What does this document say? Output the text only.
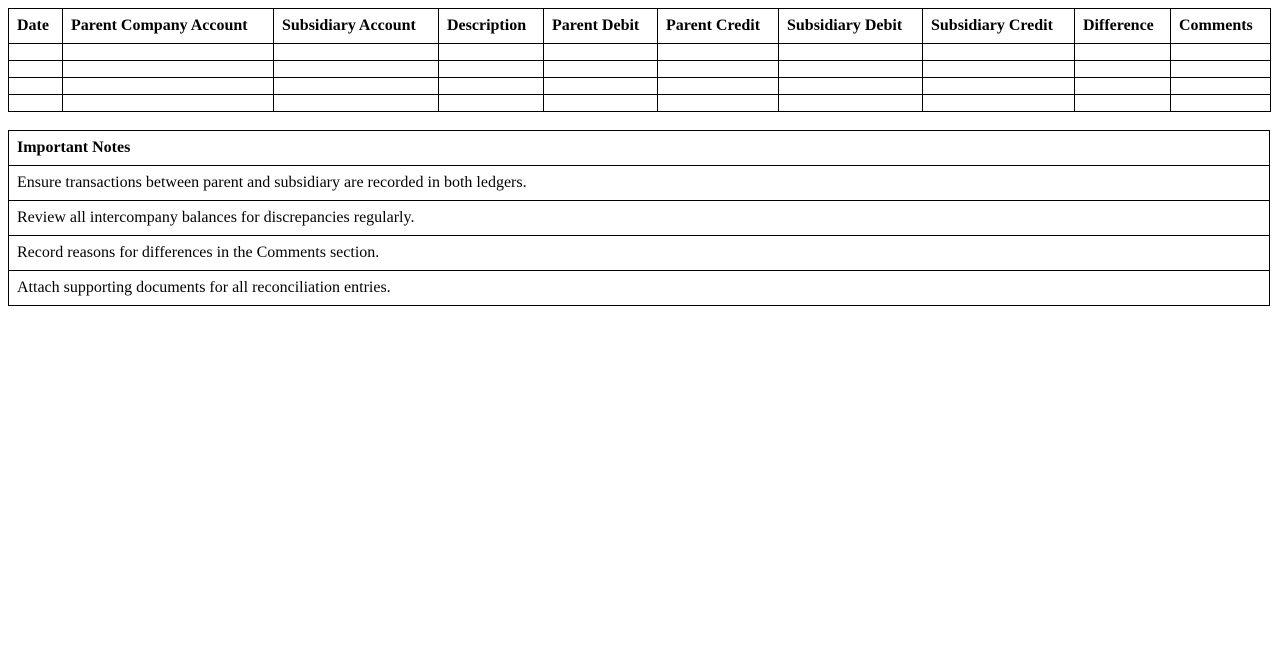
Date	Parent Company Account	Subsidiary Account	Description	Parent Debit	Parent Credit	Subsidiary Debit	Subsidiary Credit	Difference	Comments

Important Notes
Ensure transactions between parent and subsidiary are recorded in both ledgers.
Review all intercompany balances for discrepancies regularly.
Record reasons for differences in the Comments section.
Attach supporting documents for all reconciliation entries.
